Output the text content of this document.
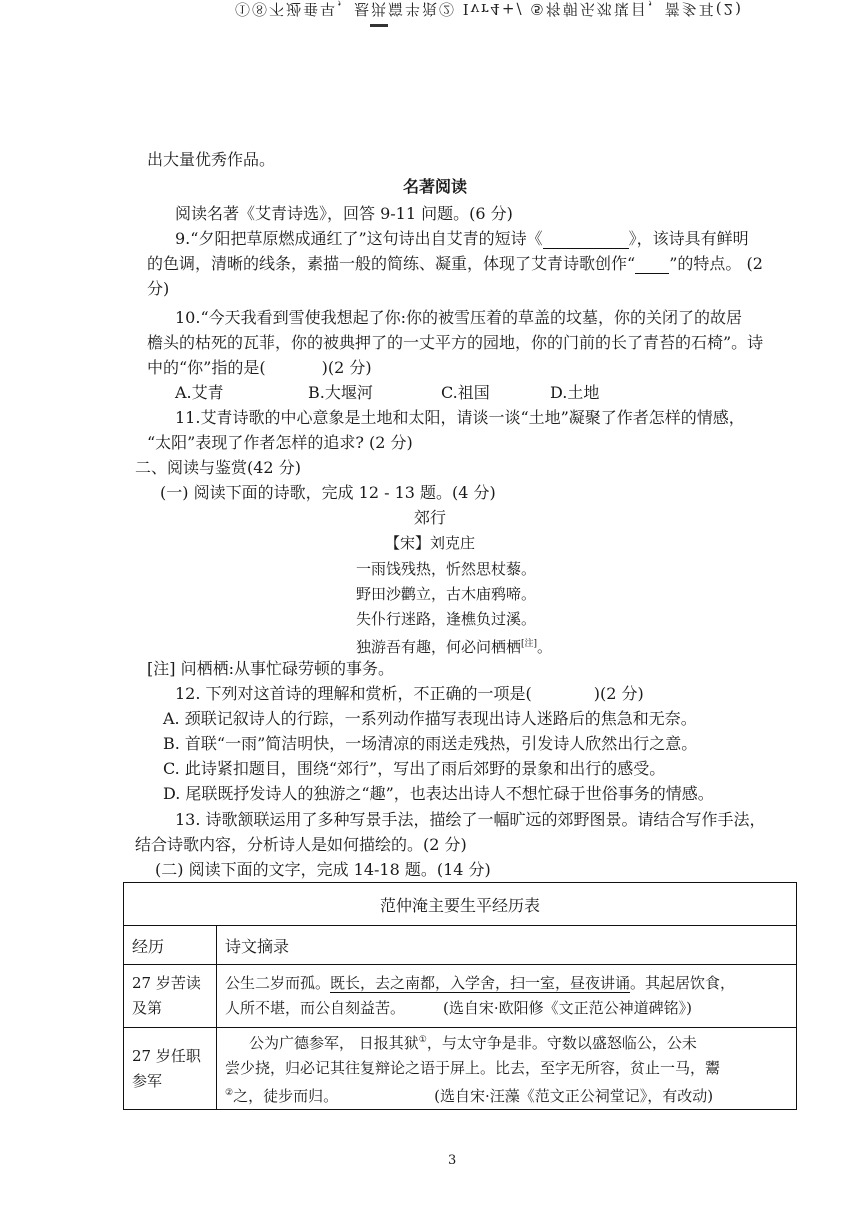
①⑧不逊垂早，悬洪篇半浪② Ivr4+/ ⑤将朝乐郊谋目，蔷多耳(2)
出大量优秀作品。
名著阅读
阅读名著《艾青诗选》，回答 9-11 问题。(6 分)
9.“夕阳把草原燃成通红了”这句诗出自艾青的短诗《	》，该诗具有鲜明
的色调，清晰的线条，素描一般的简练、凝重，体现了艾青诗歌创作“ ”的特点。 (2
分)
10.“今天我看到雪使我想起了你:你的被雪压着的草盖的坟墓，你的关闭了的故居
檐头的枯死的瓦菲，你的被典押了的一丈平方的园地，你的门前的长了青苔的石椅”。诗
中的“你”指的是(	)(2 分)
A.艾青	B.大堰河	C.祖国	D.土地
11.艾青诗歌的中心意象是土地和太阳，请谈一谈“土地”凝聚了作者怎样的情感，
“太阳”表现了作者怎样的追求? (2 分)
二、阅读与鉴赏(42 分)
(一) 阅读下面的诗歌，完成 12 - 13 题。(4 分)
郊行
【宋】刘克庄
一雨饯残热，忻然思杖藜。
野田沙鹳立，古木庙鸦啼。
失仆行迷路，逢樵负过溪。
独游吾有趣，何必问栖栖[注]。
[注] 问栖栖:从事忙碌劳顿的事务。
12. 下列对这首诗的理解和赏析，不正确的一项是(	)(2 分)
A. 颈联记叙诗人的行踪，一系列动作描写表现出诗人迷路后的焦急和无奈。
B. 首联“一雨”简洁明快，一场清凉的雨送走残热，引发诗人欣然出行之意。
C. 此诗紧扣题目，围绕“郊行”，写出了雨后郊野的景象和出行的感受。
D. 尾联既抒发诗人的独游之“趣”，也表达出诗人不想忙碌于世俗事务的情感。
13. 诗歌颔联运用了多种写景手法，描绘了一幅旷远的郊野图景。请结合写作手法，
结合诗歌内容，分析诗人是如何描绘的。(2 分)
(二) 阅读下面的文字，完成 14-18 题。(14 分)
范仲淹主要生平经历表	
经历	诗文摘录
27 岁苦读及第	公生二岁而孤。既长，去之南都，入学舍，扫一室，昼夜讲诵。其起居饮食，
人所不堪，而公自刻益苦。 (选自宋·欧阳修《文正范公神道碑铭》)
27 岁任职参军	公为广德参军， 日报其狱①，与太守争是非。守数以盛怒临公，公未
尝少挠，归必记其往复辩论之语于屏上。比去，至字无所容，贫止一马，鬻
②之，徒步而归。 (选自宋·汪藻《范文正公祠堂记》，有改动)
3
